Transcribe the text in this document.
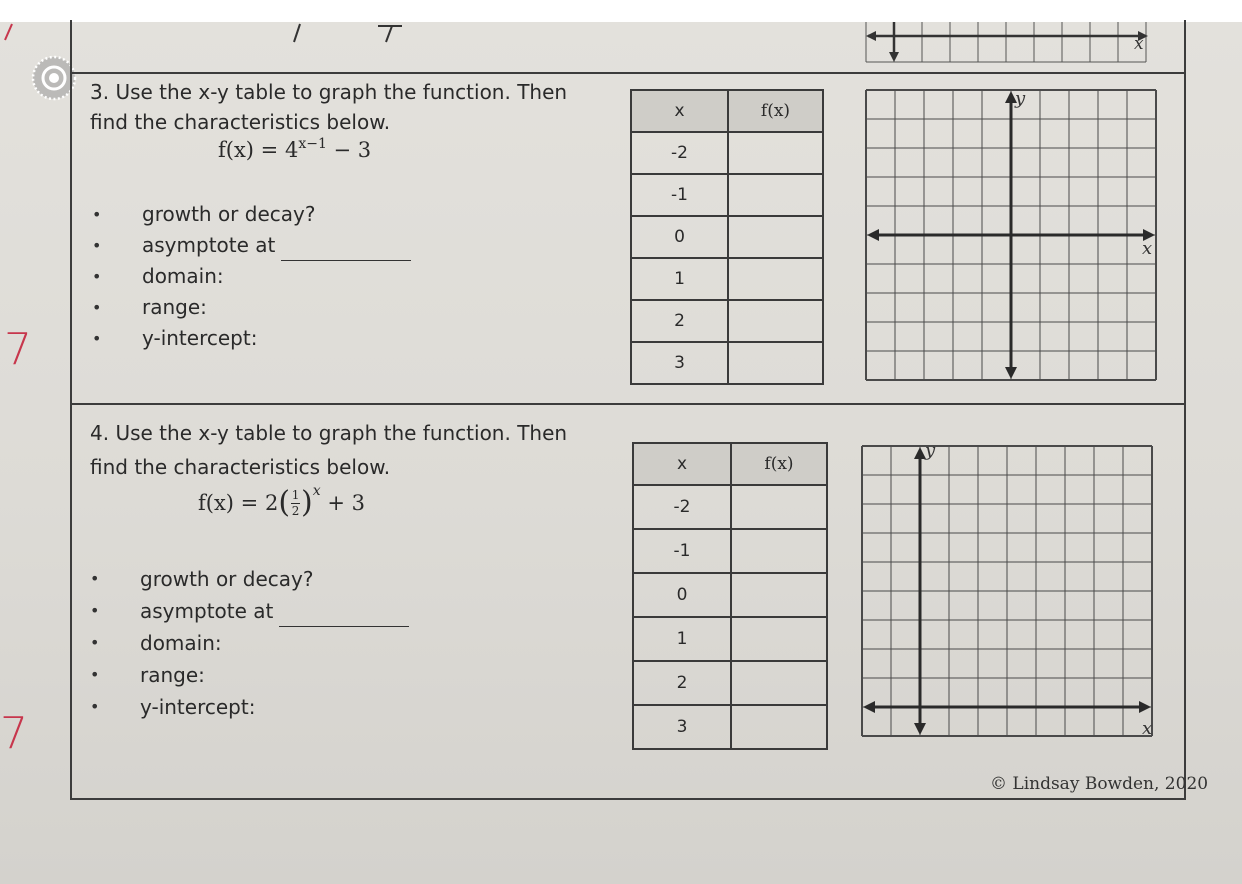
x
3. Use the x-y table to graph the function. Then
find the characteristics below.
$f(x) = 4^{x-1} - 3$
• growth or decay?
• asymptote at
• domain:
• range:
• y-intercept:
x	f(x)
-2	
-1	
0	
1	
2	
3	
y
x
4. Use the x-y table to graph the function. Then
find the characteristics below.
f(x) = 2 ( $\frac{1}{2} )^x + 3$
• growth or decay?
• asymptote at
• domain:
• range:
• y-intercept:
x	f(x)
-2	
-1	
0	
1	
2	
3	
y
x
7
7
© Lindsay Bowden, 2020
